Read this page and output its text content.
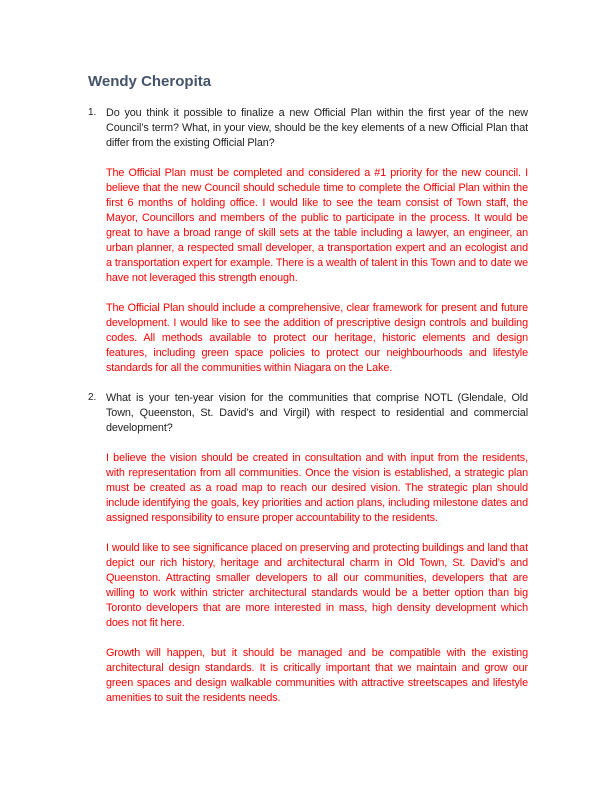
Wendy Cheropita
1. Do you think it possible to finalize a new Official Plan within the first year of the new Council’s term? What, in your view, should be the key elements of a new Official Plan that differ from the existing Official Plan?

The Official Plan must be completed and considered a #1 priority for the new council. I believe that the new Council should schedule time to complete the Official Plan within the first 6 months of holding office. I would like to see the team consist of Town staff, the Mayor, Councillors and members of the public to participate in the process. It would be great to have a broad range of skill sets at the table including a lawyer, an engineer, an urban planner, a respected small developer, a transportation expert and an ecologist and a transportation expert for example. There is a wealth of talent in this Town and to date we have not leveraged this strength enough.

The Official Plan should include a comprehensive, clear framework for present and future development. I would like to see the addition of prescriptive design controls and building codes. All methods available to protect our heritage, historic elements and design features, including green space policies to protect our neighbourhoods and lifestyle standards for all the communities within Niagara on the Lake.

2. What is your ten-year vision for the communities that comprise NOTL (Glendale, Old Town, Queenston, St. David’s and Virgil) with respect to residential and commercial development?

I believe the vision should be created in consultation and with input from the residents, with representation from all communities. Once the vision is established, a strategic plan must be created as a road map to reach our desired vision. The strategic plan should include identifying the goals, key priorities and action plans, including milestone dates and assigned responsibility to ensure proper accountability to the residents.

I would like to see significance placed on preserving and protecting buildings and land that depict our rich history, heritage and architectural charm in Old Town, St. David’s and Queenston. Attracting smaller developers to all our communities, developers that are willing to work within stricter architectural standards would be a better option than big Toronto developers that are more interested in mass, high density development which does not fit here.

Growth will happen, but it should be managed and be compatible with the existing architectural design standards. It is critically important that we maintain and grow our green spaces and design walkable communities with attractive streetscapes and lifestyle amenities to suit the residents needs.
